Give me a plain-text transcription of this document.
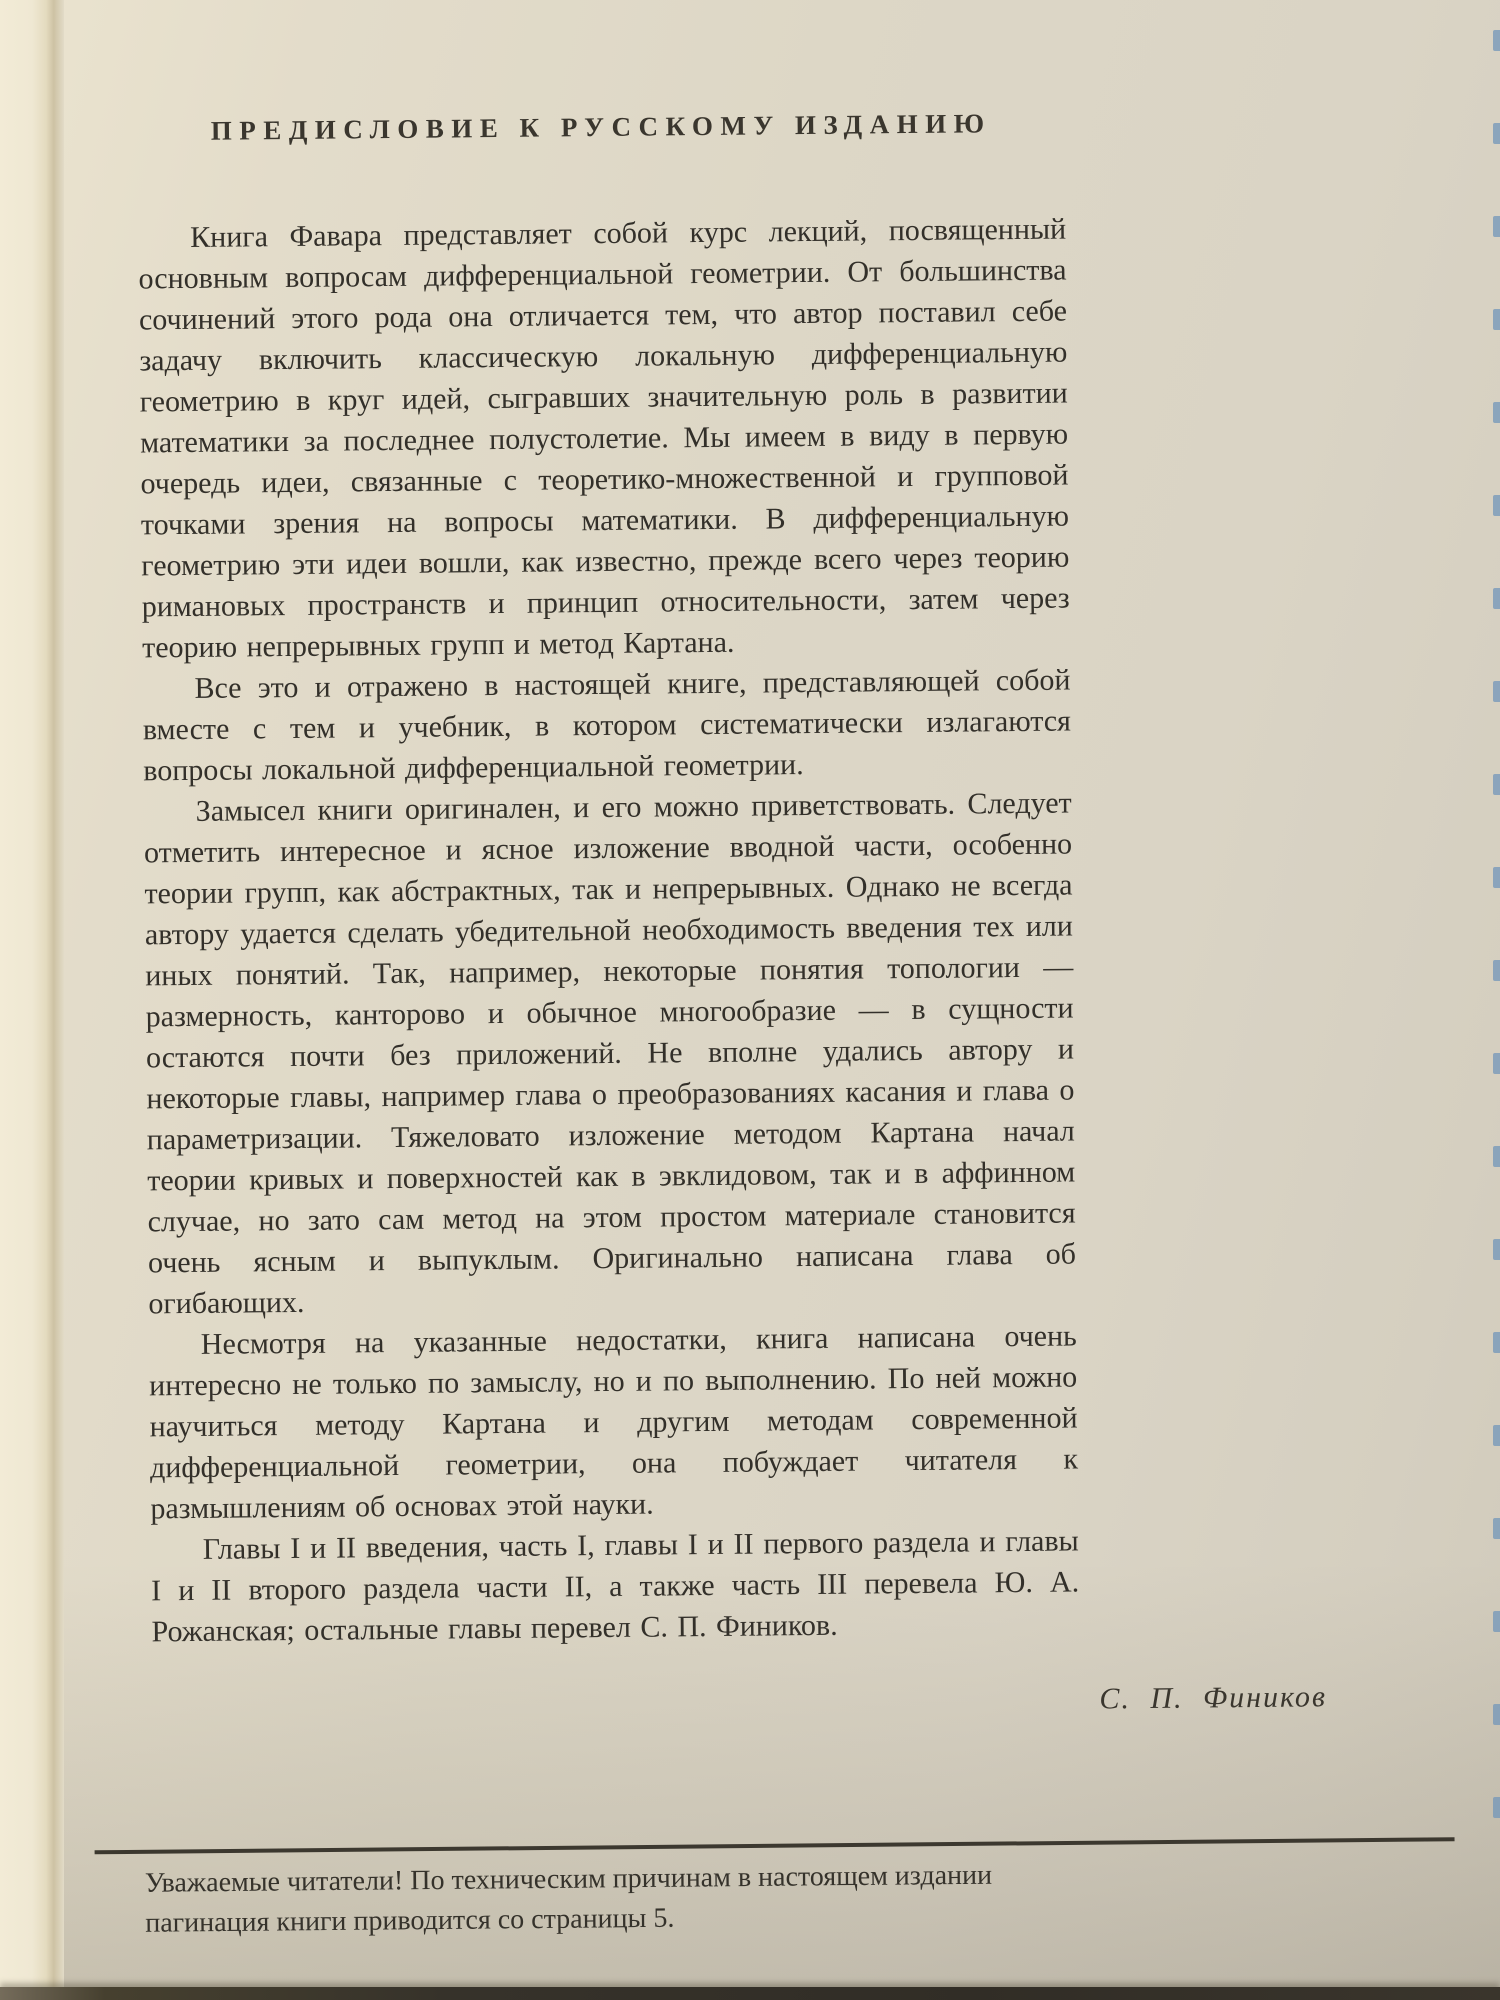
ПРЕДИСЛОВИЕ К РУССКОМУ ИЗДАНИЮ

Книга Фавара представляет собой курс лекций, посвященный основным вопросам дифференциальной геометрии. От большинства сочинений этого рода она отличается тем, что автор поставил себе задачу включить классическую локальную дифференциальную геометрию в круг идей, сыгравших значительную роль в развитии математики за последнее полустолетие. Мы имеем в виду в первую очередь идеи, связанные с теоретико-множественной и групповой точками зрения на вопросы математики. В дифференциальную геометрию эти идеи вошли, как известно, прежде всего через теорию римановых пространств и принцип относительности, затем через теорию непрерывных групп и метод Картана.

Все это и отражено в настоящей книге, представляющей собой вместе с тем и учебник, в котором систематически излагаются вопросы локальной дифференциальной геометрии.

Замысел книги оригинален, и его можно приветствовать. Следует отметить интересное и ясное изложение вводной части, особенно теории групп, как абстрактных, так и непрерывных. Однако не всегда автору удается сделать убедительной необходимость введения тех или иных понятий. Так, например, некоторые понятия топологии — размерность, канторово и обычное многообразие — в сущности остаются почти без приложений. Не вполне удались автору и некоторые главы, например глава о преобразованиях касания и глава о параметризации. Тяжеловато изложение методом Картана начал теории кривых и поверхностей как в эвклидовом, так и в аффинном случае, но зато сам метод на этом простом материале становится очень ясным и выпуклым. Оригинально написана глава об огибающих.

Несмотря на указанные недостатки, книга написана очень интересно не только по замыслу, но и по выполнению. По ней можно научиться методу Картана и другим методам современной дифференциальной геометрии, она побуждает читателя к размышлениям об основах этой науки.

Главы I и II введения, часть I, главы I и II первого раздела и главы I и II второго раздела части II, а также часть III перевела Ю. А. Рожанская; остальные главы перевел С. П. Фиников.

С. П. Фиников

Уважаемые читатели! По техническим причинам в настоящем издании

пагинация книги приводится со страницы 5.
